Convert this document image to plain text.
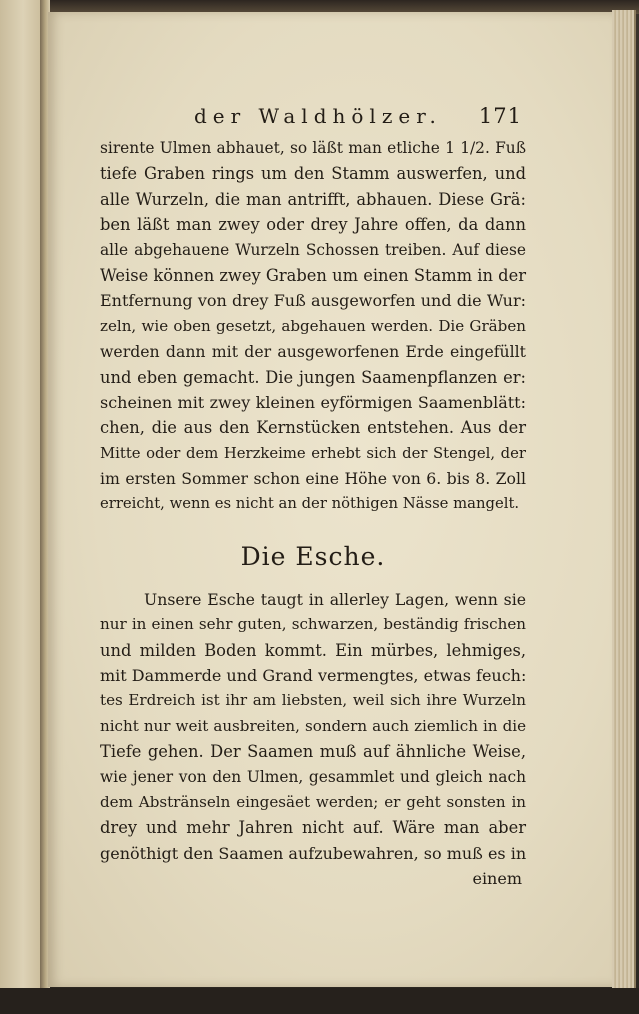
der Waldhölzer. 171
sirente Ulmen abhauet, so läßt man etliche 1 1/2. Fuß
tiefe Graben rings um den Stamm auswerfen, und
alle Wurzeln, die man antrifft, abhauen. Diese Grä:
ben läßt man zwey oder drey Jahre offen, da dann
alle abgehauene Wurzeln Schossen treiben. Auf diese
Weise können zwey Graben um einen Stamm in der
Entfernung von drey Fuß ausgeworfen und die Wur:
zeln, wie oben gesetzt, abgehauen werden. Die Gräben
werden dann mit der ausgeworfenen Erde eingefüllt
und eben gemacht. Die jungen Saamenpflanzen er:
scheinen mit zwey kleinen eyförmigen Saamenblätt:
chen, die aus den Kernstücken entstehen. Aus der
Mitte oder dem Herzkeime erhebt sich der Stengel, der
im ersten Sommer schon eine Höhe von 6. bis 8. Zoll
erreicht, wenn es nicht an der nöthigen Nässe mangelt.
Die Esche.
Unsere Esche taugt in allerley Lagen, wenn sie
nur in einen sehr guten, schwarzen, beständig frischen
und milden Boden kommt. Ein mürbes, lehmiges,
mit Dammerde und Grand vermengtes, etwas feuch:
tes Erdreich ist ihr am liebsten, weil sich ihre Wurzeln
nicht nur weit ausbreiten, sondern auch ziemlich in die
Tiefe gehen. Der Saamen muß auf ähnliche Weise,
wie jener von den Ulmen, gesammlet und gleich nach
dem Abstränseln eingesäet werden; er geht sonsten in
drey und mehr Jahren nicht auf. Wäre man aber
genöthigt den Saamen aufzubewahren, so muß es in
einem
